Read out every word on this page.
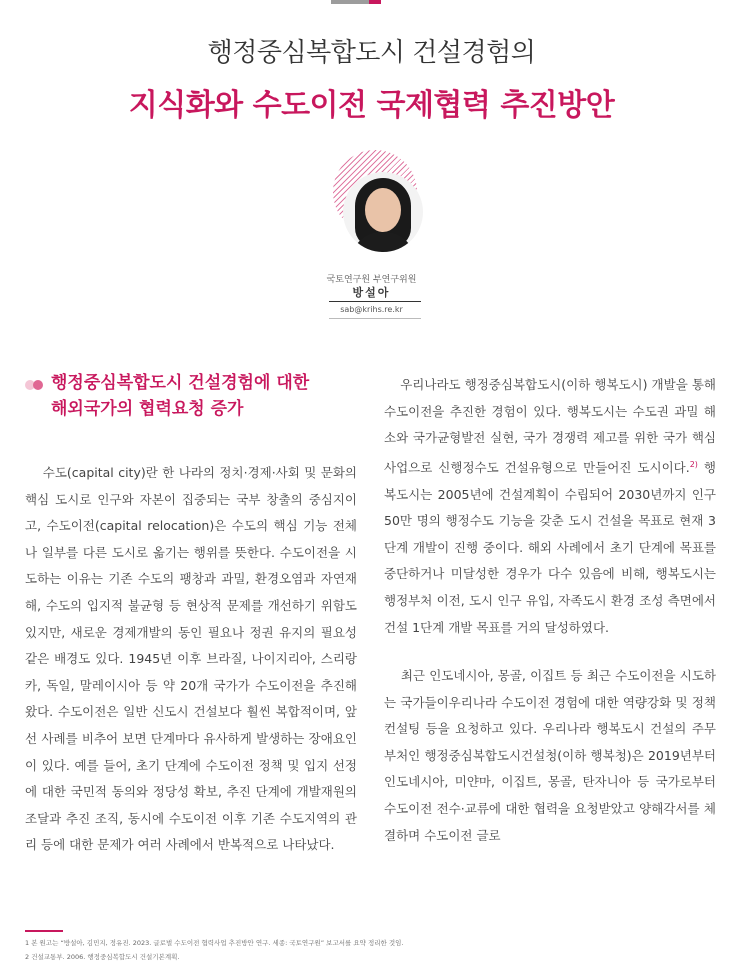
행정중심복합도시 건설경험의
지식화와 수도이전 국제협력 추진방안
국토연구원 부연구위원
방설아
sab@krihs.re.kr
행정중심복합도시 건설경험에 대한
해외국가의 협력요청 증가

수도(capital city)란 한 나라의 정치·경제·사회 및 문화의 핵심 도시로 인구와 자본이 집중되는 국부 창출의 중심지이고, 수도이전(capital relocation)은 수도의 핵심 기능 전체나 일부를 다른 도시로 옮기는 행위를 뜻한다. 수도이전을 시도하는 이유는 기존 수도의 팽창과 과밀, 환경오염과 자연재해, 수도의 입지적 불균형 등 현상적 문제를 개선하기 위함도 있지만, 새로운 경제개발의 동인 필요나 정권 유지의 필요성 같은 배경도 있다. 1945년 이후 브라질, 나이지리아, 스리랑카, 독일, 말레이시아 등 약 20개 국가가 수도이전을 추진해 왔다. 수도이전은 일반 신도시 건설보다 훨씬 복합적이며, 앞선 사례를 비추어 보면 단계마다 유사하게 발생하는 장애요인이 있다. 예를 들어, 초기 단계에 수도이전 정책 및 입지 선정에 대한 국민적 동의와 정당성 확보, 추진 단계에 개발재원의 조달과 추진 조직, 동시에 수도이전 이후 기존 수도지역의 관리 등에 대한 문제가 여러 사례에서 반복적으로 나타났다.

우리나라도 행정중심복합도시(이하 행복도시) 개발을 통해 수도이전을 추진한 경험이 있다. 행복도시는 수도권 과밀 해소와 국가균형발전 실현, 국가 경쟁력 제고를 위한 국가 핵심 사업으로 신행정수도 건설유형으로 만들어진 도시이다.$^{2)}$ 행복도시는 2005년에 건설계획이 수립되어 2030년까지 인구 50만 명의 행정수도 기능을 갖춘 도시 건설을 목표로 현재 3단계 개발이 진행 중이다. 해외 사례에서 초기 단계에 목표를 중단하거나 미달성한 경우가 다수 있음에 비해, 행복도시는 행정부처 이전, 도시 인구 유입, 자족도시 환경 조성 측면에서 건설 1단계 개발 목표를 거의 달성하였다.

최근 인도네시아, 몽골, 이집트 등 최근 수도이전을 시도하는 국가들이우리나라 수도이전 경험에 대한 역량강화 및 정책컨설팅 등을 요청하고 있다. 우리나라 행복도시 건설의 주무 부처인 행정중심복합도시건설청(이하 행복청)은 2019년부터 인도네시아, 미얀마, 이집트, 몽골, 탄자니아 등 국가로부터 수도이전 전수·교류에 대한 협력을 요청받았고 양해각서를 체결하며 수도이전 글로

1 본 원고는 “방설아, 김민지, 정유진. 2023. 글로벌 수도이전 협력사업 추진방안 연구. 세종: 국토연구원” 보고서를 요약 정리한 것임.
2 건설교통부. 2006. 행정중심복합도시 건설기본계획.
